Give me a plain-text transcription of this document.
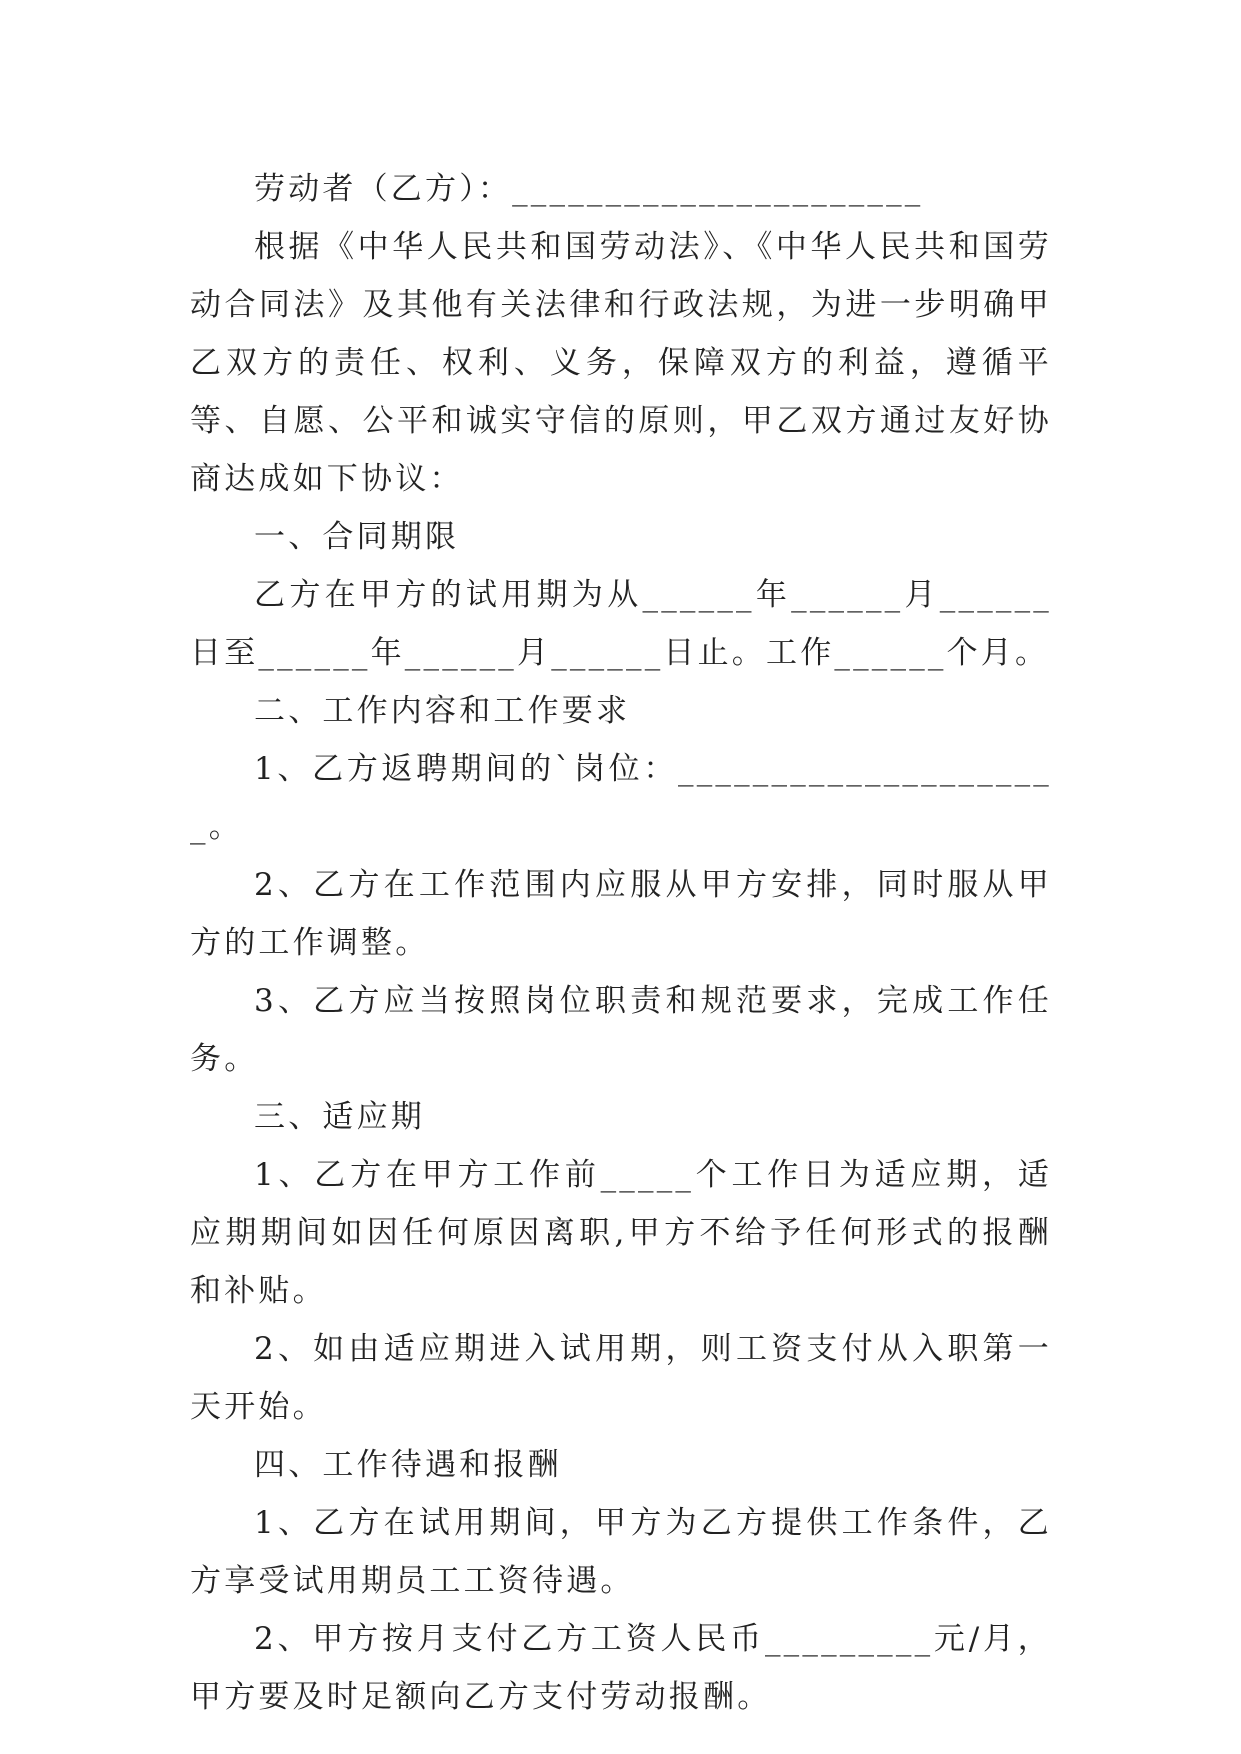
劳动者（乙方）：______________________

根据《中华人民共和国劳动法》、《中华人民共和国劳动合同法》及其他有关法律和行政法规，为进一步明确甲乙双方的责任、权利、义务，保障双方的利益，遵循平等、自愿、公平和诚实守信的原则，甲乙双方通过友好协商达成如下协议：

一、合同期限

乙方在甲方的试用期为从______年______月______日至______年______月______日止。工作______个月。

二、工作内容和工作要求

1、乙方返聘期间的`岗位：_____________________。

2、乙方在工作范围内应服从甲方安排，同时服从甲方的工作调整。

3、乙方应当按照岗位职责和规范要求，完成工作任务。

三、适应期

1、乙方在甲方工作前_____个工作日为适应期，适应期期间如因任何原因离职,甲方不给予任何形式的报酬和补贴。

2、如由适应期进入试用期，则工资支付从入职第一天开始。

四、工作待遇和报酬

1、乙方在试用期间，甲方为乙方提供工作条件，乙方享受试用期员工工资待遇。

2、甲方按月支付乙方工资人民币_________元/月，甲方要及时足额向乙方支付劳动报酬。
